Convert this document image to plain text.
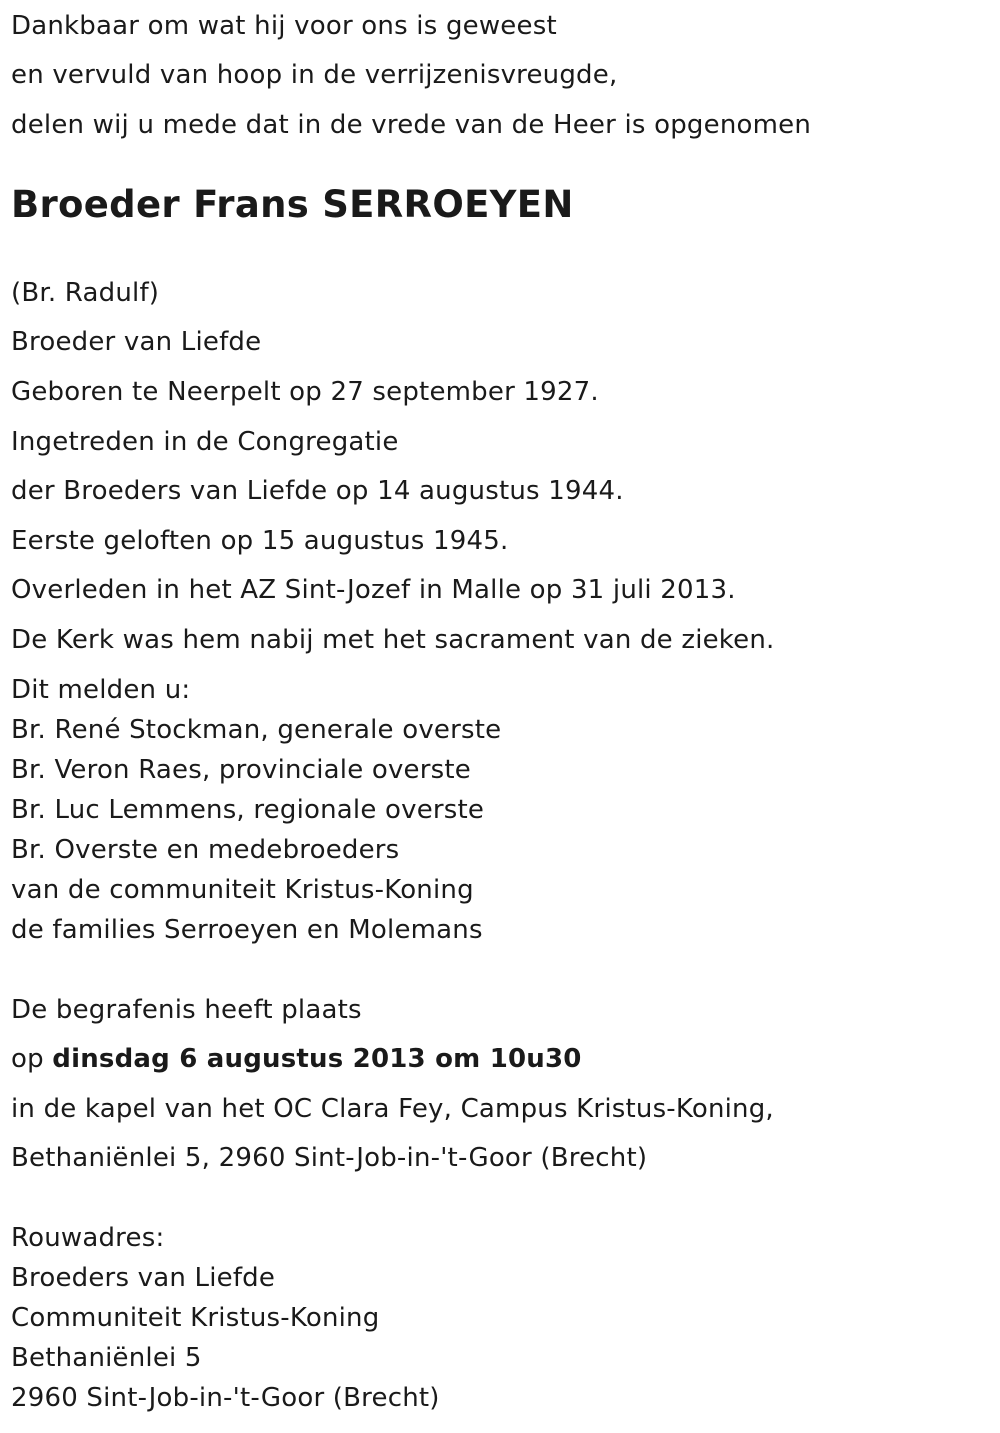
Dankbaar om wat hij voor ons is geweest
en vervuld van hoop in de verrijzenisvreugde,
delen wij u mede dat in de vrede van de Heer is opgenomen
Broeder Frans SERROEYEN
(Br. Radulf)
Broeder van Liefde
Geboren te Neerpelt op 27 september 1927.
Ingetreden in de Congregatie
der Broeders van Liefde op 14 augustus 1944.
Eerste geloften op 15 augustus 1945.
Overleden in het AZ Sint-Jozef in Malle op 31 juli 2013.
De Kerk was hem nabij met het sacrament van de zieken.
Dit melden u:
Br. René Stockman, generale overste
Br. Veron Raes, provinciale overste
Br. Luc Lemmens, regionale overste
Br. Overste en medebroeders
van de communiteit Kristus-Koning
de families Serroeyen en Molemans
De begrafenis heeft plaats
op dinsdag 6 augustus 2013 om 10u30
in de kapel van het OC Clara Fey, Campus Kristus-Koning,
Bethaniënlei 5, 2960 Sint-Job-in-'t-Goor (Brecht)
Rouwadres:
Broeders van Liefde
Communiteit Kristus-Koning
Bethaniënlei 5
2960 Sint-Job-in-'t-Goor (Brecht)
